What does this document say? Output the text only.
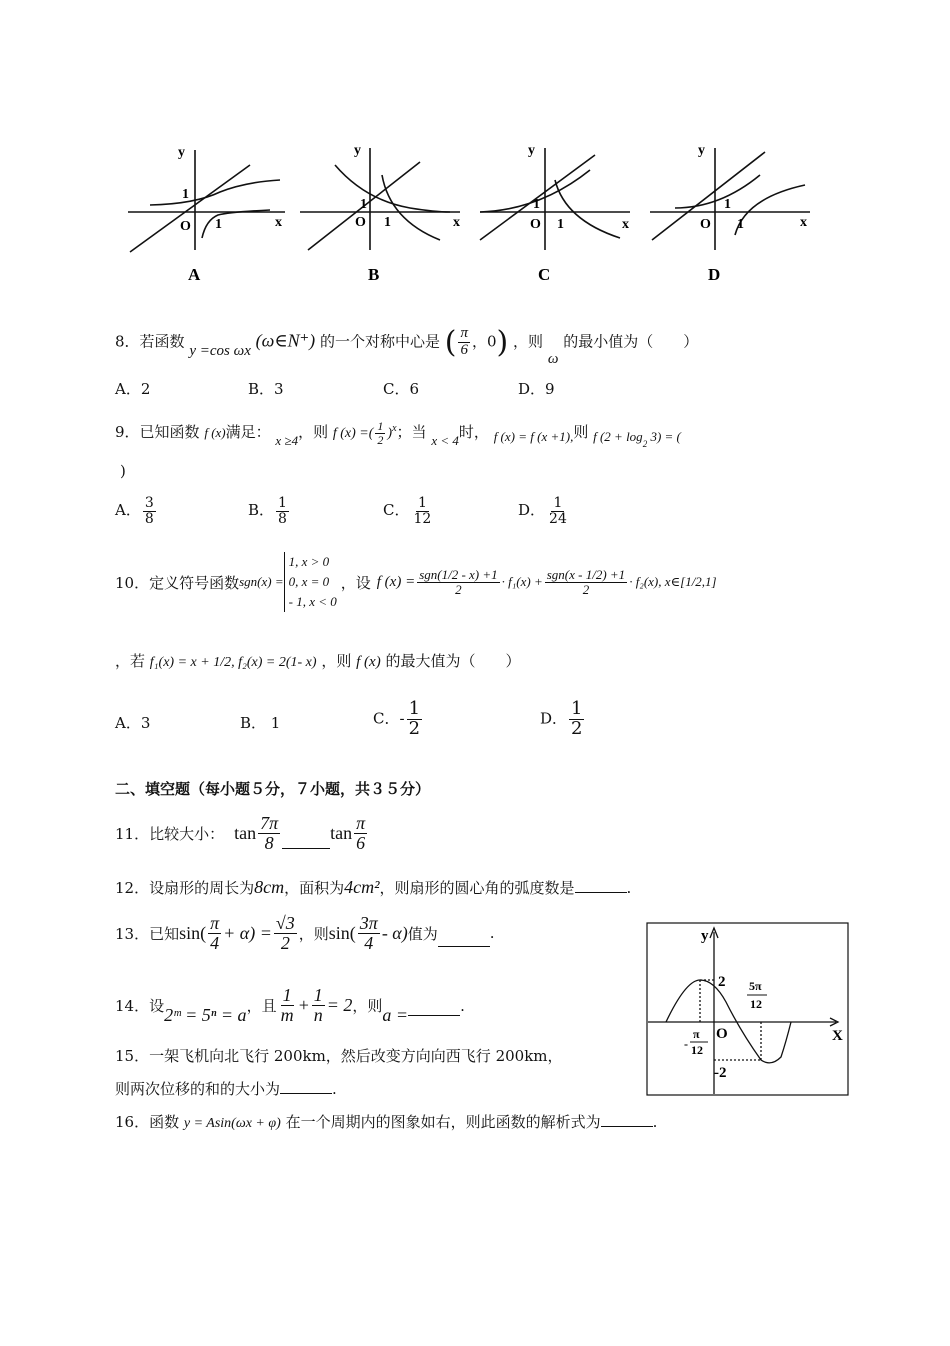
y
1
O 1	x
y
1
O 1	x
y
1
O 1	x
y
1
O 1	x
A	B	C	D
8．若函数 y =cos ωx (ω∈N⁺) 的一个对称中心是 ( $\frac{\pi}{6}$ ，0) ，则 ω 的最小值为（　　）
A．2	B．3	C．6	D．9
9．已知函数 f (x)满足： x ≥4，则 f (x) =( $\frac{1}{2} )^x$；当 x < 4时， f (x) = f (x +1),则 f $(2 + \log_2 3)$ = (
)
A． $\frac{3}{8}$	B． $\frac{1}{8}$	C． $\frac{1}{12}$	D． $\frac{1}{24}$
10．定义符号函数 sgn(x) =
1, x > 0
0, x = 0
- 1, x < 0
，设 f $(x) = \frac{\text{sgn(1/2 - x) +1}}{2} \cdot f_1(x) + \frac{\text{sgn(x - 1/2) +1}}{2} \cdot f_2(x)$, x∈[1/2,1]
，若 f₁(x) = x + 1/2, f₂(x) = 2(1- x) ，则 f (x) 的最大值为（　　）
A．3	B． 1	C．- $\frac{1}{2}$	D． $\frac{1}{2}$
二、填空题（每小题５分，７小题，共３５分）
11．比较大小： $\tan \frac{7\pi}{8}$	$\tan \frac{\pi}{6}$
12．设扇形的周长为8cm，面积为4cm²，则扇形的圆心角的弧度数是	.
13．已知 $\sin( \frac{\pi}{4} + \alpha) = \frac{√3}{2}$ ，则 $\sin( \frac{3\pi}{4} - \alpha)$ 值为	.
14．设 2ᵐ = 5ⁿ = a ，且 $\frac{1}{m} + \frac{1}{n} = 2$ ，则 a =	.
15．一架飞机向北飞行 200km，然后改变方向向西飞行 200km，
则两次位移的和的大小为	.
16．函数 y = Asin(ωx + φ) 在一个周期内的图象如右，则此函数的解析式为	.
y
X
O
2
-2
-
π
12
5π
12
